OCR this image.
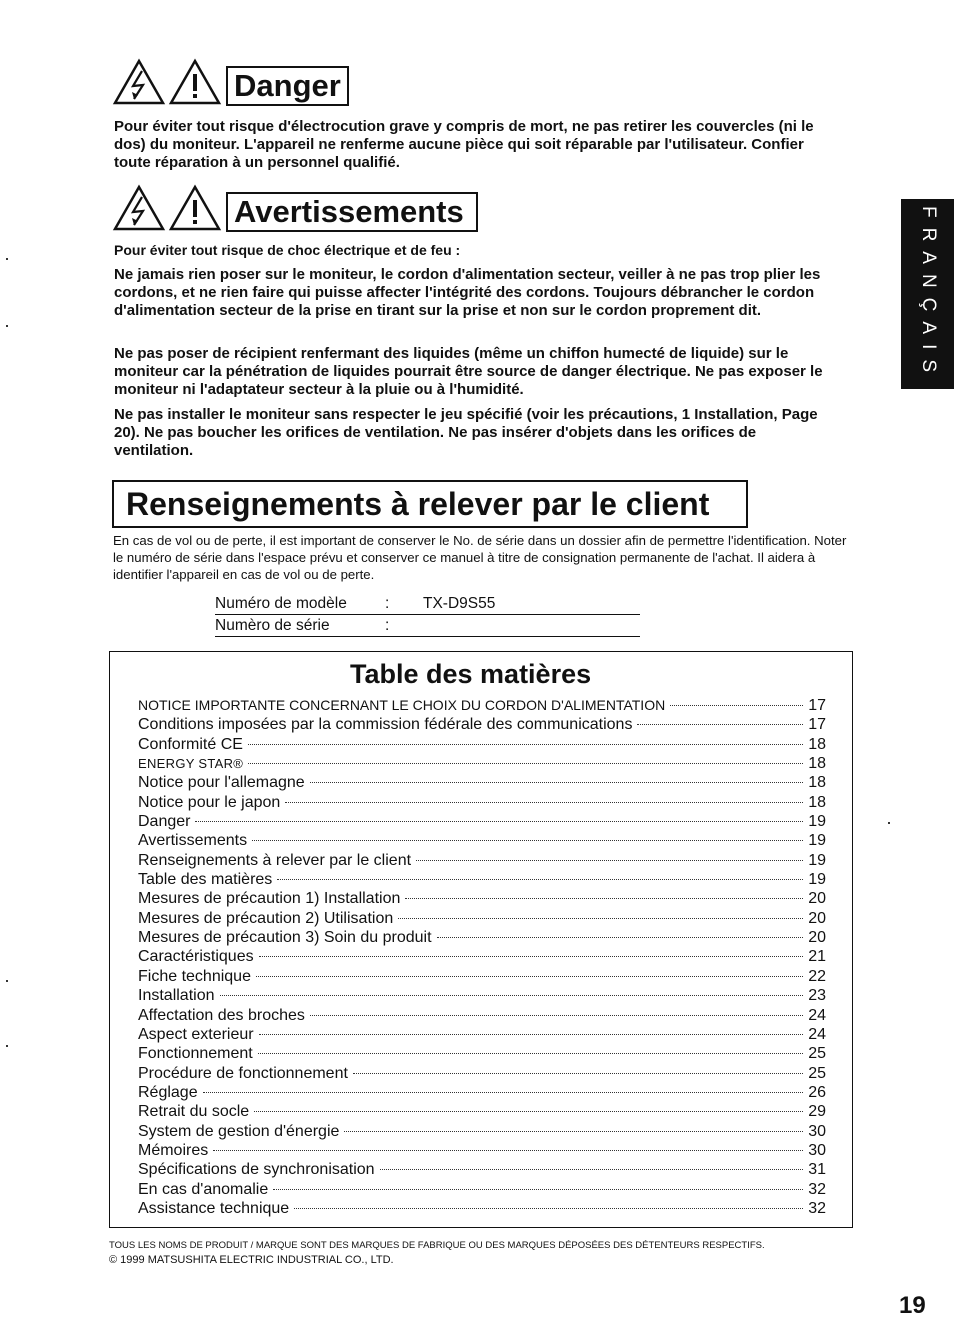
Danger

Pour éviter tout risque d'électrocution grave y compris de mort, ne pas retirer les couvercles (ni le dos) du moniteur. L'appareil ne renferme aucune pièce qui soit réparable par l'utilisateur. Confier toute réparation à un personnel qualifié.

Avertissements

Pour éviter tout risque de choc électrique et de feu :

Ne jamais rien poser sur le moniteur, le cordon d'alimentation secteur, veiller à ne pas trop plier les cordons, et ne rien faire qui puisse affecter l'intégrité des cordons. Toujours débrancher le cordon d'alimentation secteur de la prise en tirant sur la prise et non sur le cordon proprement dit.

Ne pas poser de récipient renfermant des liquides (même un chiffon humecté de liquide) sur le moniteur car la pénétration de liquides pourrait être source de danger électrique. Ne pas exposer le moniteur ni l'adaptateur secteur à la pluie ou à l'humidité.

Ne pas installer le moniteur sans respecter le jeu spécifié (voir les précautions, 1 Installation, Page 20). Ne pas boucher les orifices de ventilation. Ne pas insérer d'objets dans les orifices de ventilation.

Renseignements à relever par le client

En cas de vol ou de perte, il est important de conserver le No. de série dans un dossier afin de permettre l'identification. Noter le numéro de série dans l'espace prévu et conserver ce manuel à titre de consignation permanente de l'achat. Il aidera à identifier l'appareil en cas de vol ou de perte.

Numéro de modèle : TX-D9S55
Numèro de série	:
Table des matières
NOTICE IMPORTANTE CONCERNANT LE CHOIX DU CORDON D'ALIMENTATION	17
Conditions imposées par la commission fédérale des communications	17
Conformité CE	18
ENERGY STAR®	18
Notice pour l'allemagne	18
Notice pour le japon	18
Danger	19
Avertissements	19
Renseignements à relever par le client	19
Table des matières	19
Mesures de précaution 1) Installation	20
Mesures de précaution 2) Utilisation	20
Mesures de précaution 3) Soin du produit	20
Caractéristiques	21
Fiche technique	22
Installation	23
Affectation des broches	24
Aspect exterieur	24
Fonctionnement	25
Procédure de fonctionnement	25
Réglage	26
Retrait du socle	29
System de gestion d'énergie	30
Mémoires	30
Spécifications de synchronisation	31
En cas d'anomalie	32
Assistance technique	32
TOUS LES NOMS DE PRODUIT / MARQUE SONT DES MARQUES DE FABRIQUE OU DES MARQUES DÉPOSÉES DES DÉTENTEURS RESPECTIFS.
© 1999 MATSUSHITA ELECTRIC INDUSTRIAL CO., LTD.
19
FRANÇAIS
